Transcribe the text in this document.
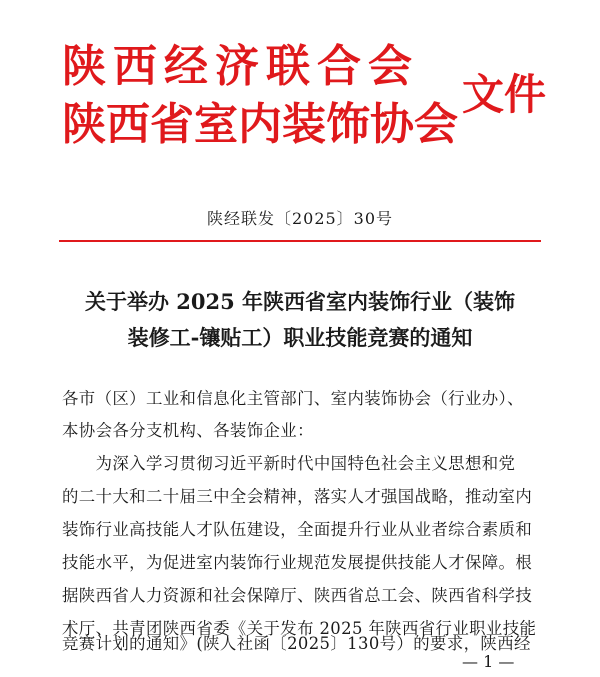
陕西经济联合会
陕西省室内装饰协会
文件
陕经联发〔2025〕30号
关于举办 2025 年陕西省室内装饰行业（装饰
装修工-镶贴工）职业技能竞赛的通知
各市（区）工业和信息化主管部门、室内装饰协会（行业办）、
本协会各分支机构、各装饰企业：
　　为深入学习贯彻习近平新时代中国特色社会主义思想和党
的二十大和二十届三中全会精神，落实人才强国战略，推动室内
装饰行业高技能人才队伍建设，全面提升行业从业者综合素质和
技能水平，为促进室内装饰行业规范发展提供技能人才保障。根
据陕西省人力资源和社会保障厅、陕西省总工会、陕西省科学技
术厅、共青团陕西省委《关于发布 2025 年陕西省行业职业技能
竞赛计划的通知》(陕人社函〔2025〕130号）的要求，陕西经
— 1 —
